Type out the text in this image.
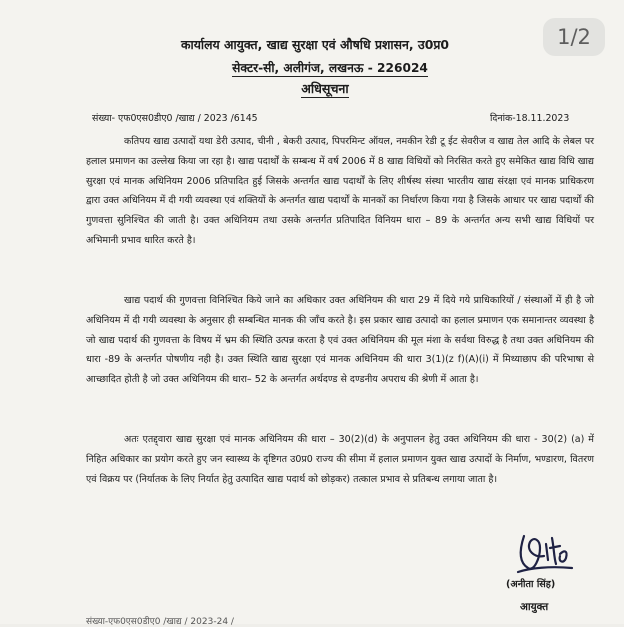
1/2
कार्यालय आयुक्त, खाद्य सुरक्षा एवं औषधि प्रशासन, उ0प्र0
सेक्टर-सी, अलीगंज, लखनऊ - 226024
अधिसूचना
संख्या- एफ0एस0डीए0 /खाद्य / 2023 /6145	दिनांक-18.11.2023
कतिपय खाद्य उत्पादों यथा डेरी उत्पाद, चीनी , बेकरी उत्पाद, पिपरमिन्ट ऑयल, नमकीन रेडी टू ईट सेवरीज व खाद्य तेल आदि के लेबल पर हलाल प्रमाणन का उल्लेख किया जा रहा है। खाद्य पदार्थों के सम्बन्ध में वर्ष 2006 में 8 खाद्य विधियों को निरसित करते हुए समेकित खाद्य विधि खाद्य सुरक्षा एवं मानक अधिनियम 2006 प्रतिपादित हुई जिसके अन्तर्गत खाद्य पदार्थों के लिए शीर्षस्थ संस्था भारतीय खाद्य संरक्षा एवं मानक प्राधिकरण द्वारा उक्त अधिनियम में दी गयी व्यवस्था एवं शक्तियों के अन्तर्गत खाद्य पदार्थों के मानकों का निर्धारण किया गया है जिसके आधार पर खाद्य पदार्थों की गुणवत्ता सुनिश्चित की जाती है। उक्त अधिनियम तथा उसके अन्तर्गत प्रतिपादित विनियम धारा – 89 के अन्तर्गत अन्य सभी खाद्य विधियों पर अभिमानी प्रभाव धारित करते है।
खाद्य पदार्थ की गुणवत्ता विनिश्चित किये जाने का अधिकार उक्त अधिनियम की धारा 29 में दिये गये प्राधिकारियों / संस्थाओं में ही है जो अधिनियम में दी गयी व्यवस्था के अनुसार ही सम्बन्धित मानक की जाँच करते है। इस प्रकार खाद्य उत्पादो का हलाल प्रमाणन एक समानान्तर व्यवस्था है जो खाद्य पदार्थ की गुणवत्ता के विषय में भ्रम की स्थिति उत्पन्न करता है एवं उक्त अधिनियम की मूल मंशा के सर्वथा विरुद्ध है तथा उक्त अधिनियम की धारा -89 के अन्तर्गत पोषणीय नही है। उक्त स्थिति खाद्य सुरक्षा एवं मानक अधिनियम की धारा 3(1)(z f)(A)(i) में मिथ्याछाप की परिभाषा से आच्छादित होती है जो उक्त अधिनियम की धारा– 52 के अन्तर्गत अर्थदण्ड से दण्डनीय अपराध की श्रेणी में आता है।
अतः एतद्द्वारा खाद्य सुरक्षा एवं मानक अधिनियम की धारा – 30(2)(d) के अनुपालन हेतु उक्त अधिनियम की धारा - 30(2) (a) में निहित अधिकार का प्रयोग करते हुए जन स्वास्थ्य के दृष्टिगत उ0प्र0 राज्य की सीमा में हलाल प्रमाणन युक्त खाद्य उत्पादों के निर्माण, भण्डारण, वितरण एवं विक्रय पर (निर्यातक के लिए निर्यात हेतु उत्पादित खाद्य पदार्थ को छोड़कर) तत्काल प्रभाव से प्रतिबन्ध लगाया जाता है।
(अनीता सिंह)
आयुक्त
संख्या-एफ0एस0डीए0 /खाद्य / 2023-24 /
